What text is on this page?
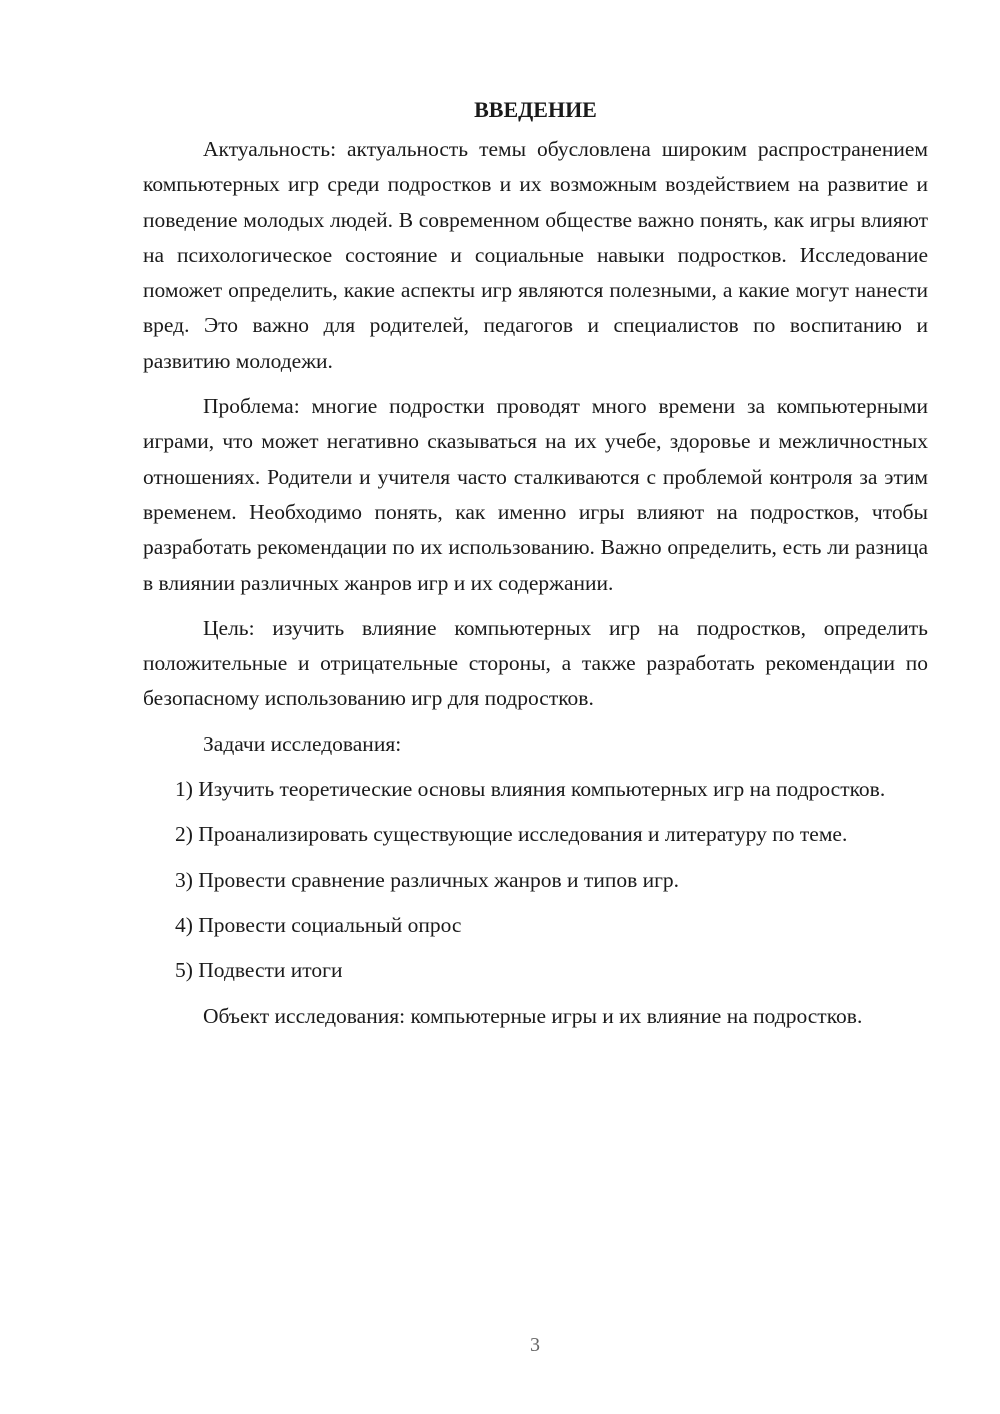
ВВЕДЕНИЕ

Актуальность: актуальность темы обусловлена широким распространением компьютерных игр среди подростков и их возможным воздействием на развитие и поведение молодых людей. В современном обществе важно понять, как игры влияют на психологическое состояние и социальные навыки подростков. Исследование поможет определить, какие аспекты игр являются полезными, а какие могут нанести вред. Это важно для родителей, педагогов и специалистов по воспитанию и развитию молодежи.

Проблема: многие подростки проводят много времени за компьютерными играми, что может негативно сказываться на их учебе, здоровье и межличностных отношениях. Родители и учителя часто сталкиваются с проблемой контроля за этим временем. Необходимо понять, как именно игры влияют на подростков, чтобы разработать рекомендации по их использованию. Важно определить, есть ли разница в влиянии различных жанров игр и их содержании.

Цель: изучить влияние компьютерных игр на подростков, определить положительные и отрицательные стороны, а также разработать рекомендации по безопасному использованию игр для подростков.

Задачи исследования:

1) Изучить теоретические основы влияния компьютерных игр на подростков.

2) Проанализировать существующие исследования и литературу по теме.

3) Провести сравнение различных жанров и типов игр.

4) Провести социальный опрос

5) Подвести итоги

Объект исследования: компьютерные игры и их влияние на подростков.

3
